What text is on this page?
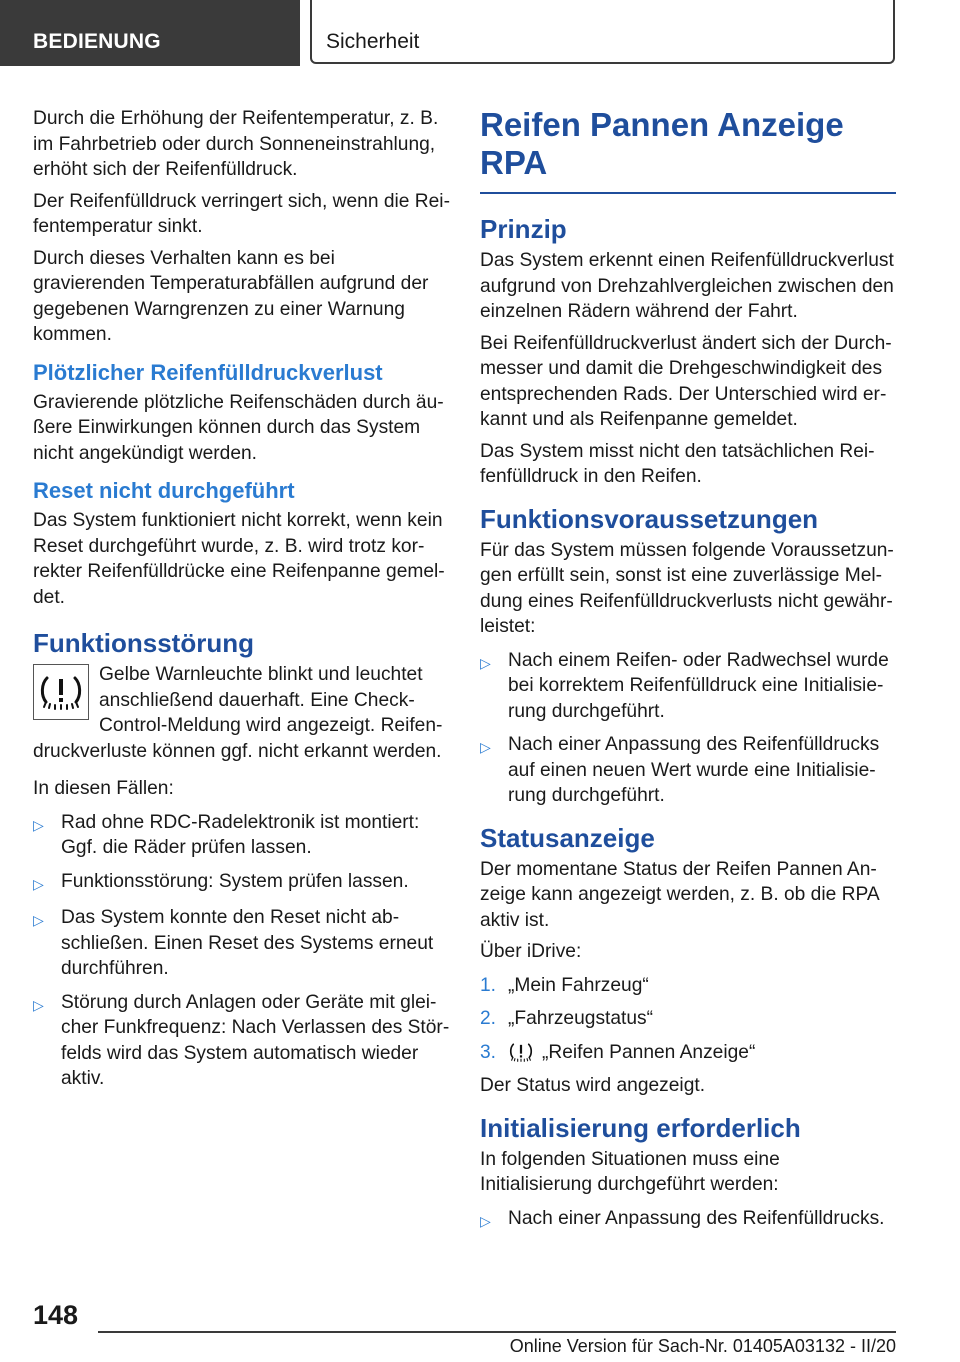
BEDIENUNG	Sicherheit

Durch die Erhöhung der Reifentemperatur, z. B. im Fahrbetrieb oder durch Sonneneinstrahlung, erhöht sich der Reifenfülldruck.

Der Reifenfülldruck verringert sich, wenn die Rei‐fentemperatur sinkt.

Durch dieses Verhalten kann es bei gravierenden Temperaturabfällen aufgrund der gegebenen Warngrenzen zu einer Warnung kommen.

Plötzlicher Reifenfülldruckverlust

Gravierende plötzliche Reifenschäden durch äu‐ßere Einwirkungen können durch das System nicht angekündigt werden.

Reset nicht durchgeführt

Das System funktioniert nicht korrekt, wenn kein Reset durchgeführt wurde, z. B. wird trotz kor‐rekter Reifenfülldrücke eine Reifenpanne gemel‐det.

Funktionsstörung

Gelbe Warnleuchte blinkt und leuchtet anschließend dauerhaft. Eine Check-Control-Meldung wird angezeigt. Reifen‐druckverluste können ggf. nicht erkannt werden.

In diesen Fällen:

▷ Rad ohne RDC-Radelektronik ist montiert: Ggf. die Räder prüfen lassen.
▷ Funktionsstörung: System prüfen lassen.
▷ Das System konnte den Reset nicht ab‐schließen. Einen Reset des Systems erneut durchführen.
▷ Störung durch Anlagen oder Geräte mit glei‐cher Funkfrequenz: Nach Verlassen des Stör‐felds wird das System automatisch wieder aktiv.
Reifen Pannen Anzeige RPA
Prinzip

Das System erkennt einen Reifenfülldruckverlust aufgrund von Drehzahlvergleichen zwischen den einzelnen Rädern während der Fahrt.

Bei Reifenfülldruckverlust ändert sich der Durch‐messer und damit die Drehgeschwindigkeit des entsprechenden Rads. Der Unterschied wird er‐kannt und als Reifenpanne gemeldet.

Das System misst nicht den tatsächlichen Rei‐fenfülldruck in den Reifen.

Funktionsvoraussetzungen

Für das System müssen folgende Voraussetzun‐gen erfüllt sein, sonst ist eine zuverlässige Mel‐dung eines Reifenfülldruckverlusts nicht gewähr‐leistet:

▷ Nach einem Reifen- oder Radwechsel wurde bei korrektem Reifenfülldruck eine Initialisie‐rung durchgeführt.
▷ Nach einer Anpassung des Reifenfülldrucks auf einen neuen Wert wurde eine Initialisie‐rung durchgeführt.
Statusanzeige

Der momentane Status der Reifen Pannen An‐zeige kann angezeigt werden, z. B. ob die RPA aktiv ist.

Über iDrive:

1. „Mein Fahrzeug“
2. „Fahrzeugstatus“
3.	„Reifen Pannen Anzeige“

Der Status wird angezeigt.

Initialisierung erforderlich

In folgenden Situationen muss eine Initialisierung durchgeführt werden:

▷ Nach einer Anpassung des Reifenfülldrucks.
148
Online Version für Sach-Nr. 01405A03132 - II/20
